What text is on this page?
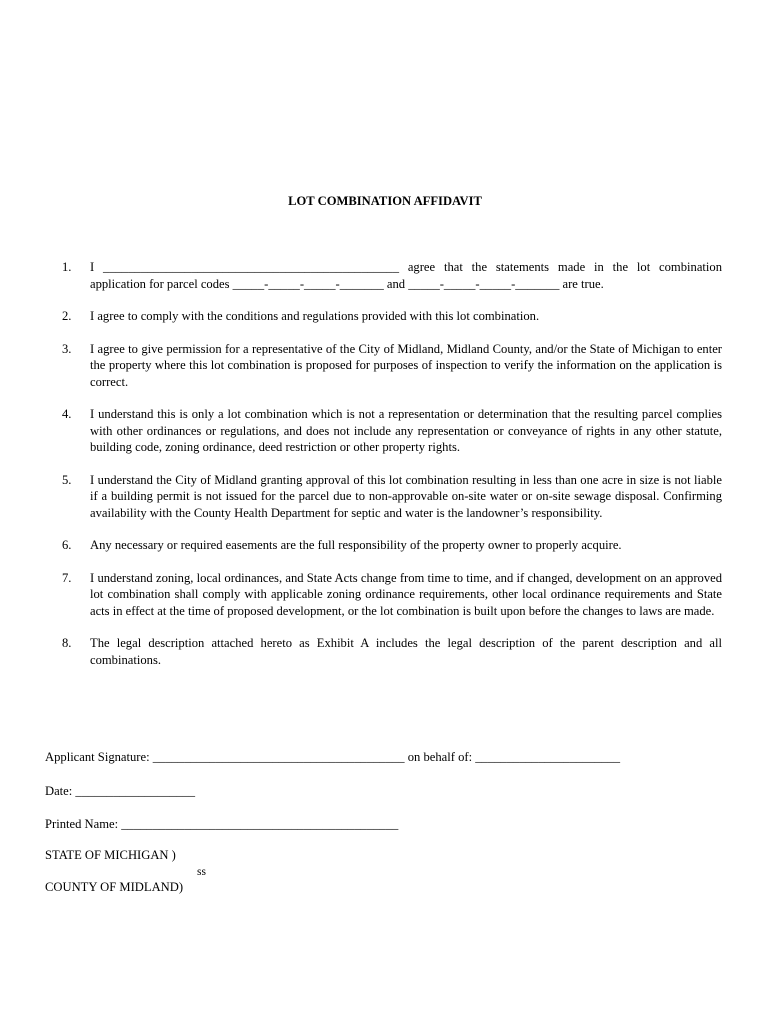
LOT COMBINATION AFFIDAVIT
1.	I _______________________________________________ agree that the statements made in the lot combination application for parcel codes _____-_____-_____-_______ and _____-_____-_____-_______ are true.
2.	I agree to comply with the conditions and regulations provided with this lot combination.
3.	I agree to give permission for a representative of the City of Midland, Midland County, and/or the State of Michigan to enter the property where this lot combination is proposed for purposes of inspection to verify the information on the application is correct.
4.	I understand this is only a lot combination which is not a representation or determination that the resulting parcel complies with other ordinances or regulations, and does not include any representation or conveyance of rights in any other statute, building code, zoning ordinance, deed restriction or other property rights.
5.	I understand the City of Midland granting approval of this lot combination resulting in less than one acre in size is not liable if a building permit is not issued for the parcel due to non-approvable on-site water or on-site sewage disposal. Confirming availability with the County Health Department for septic and water is the landowner’s responsibility.
6.	Any necessary or required easements are the full responsibility of the property owner to properly acquire.
7.	I understand zoning, local ordinances, and State Acts change from time to time, and if changed, development on an approved lot combination shall comply with applicable zoning ordinance requirements, other local ordinance requirements and State acts in effect at the time of proposed development, or the lot combination is built upon before the changes to laws are made.
8.	The legal description attached hereto as Exhibit A includes the legal description of the parent description and all combinations.
Applicant Signature: ________________________________________ on behalf of: _______________________
Date: ___________________
Printed Name: ____________________________________________
STATE OF MICHIGAN )
ss
COUNTY OF MIDLAND)
